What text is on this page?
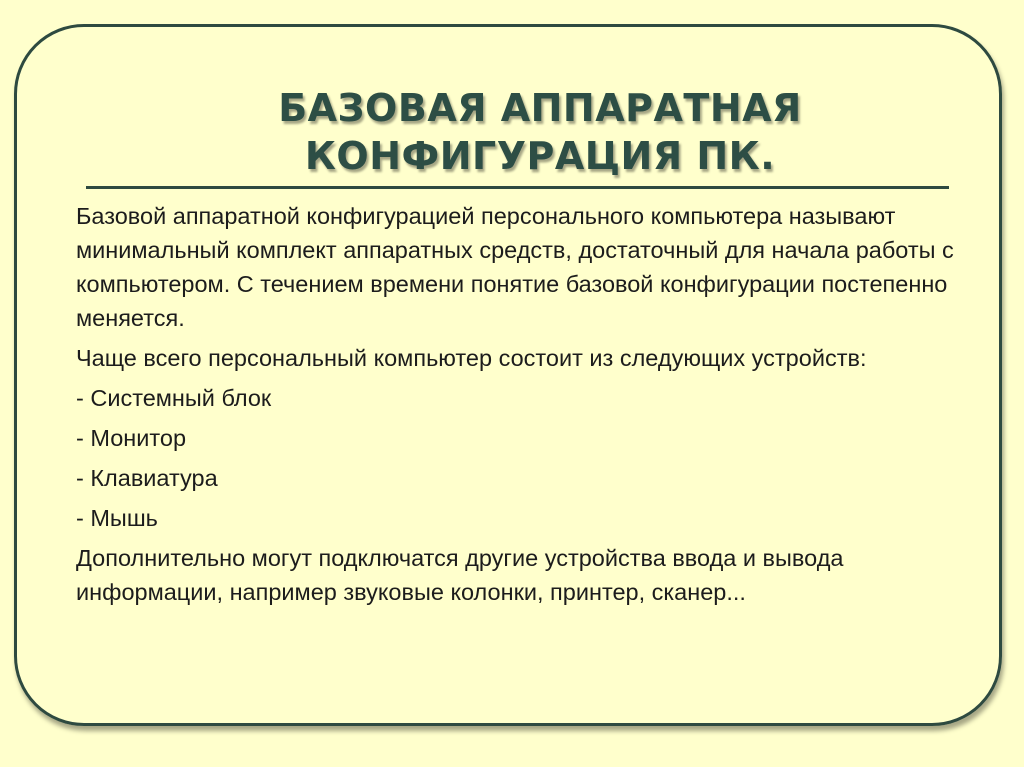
БАЗОВАЯ АППАРАТНАЯ
КОНФИГУРАЦИЯ ПК.

Базовой аппаратной конфигурацией персонального компьютера называют минимальный комплект аппаратных средств, достаточный для начала работы с компьютером. С течением времени понятие базовой конфигурации постепенно меняется.

Чаще всего персональный компьютер состоит из следующих устройств:

- Системный блок

- Монитор

- Клавиатура

- Мышь

Дополнительно могут подключатся другие устройства ввода и вывода информации, например звуковые колонки, принтер, сканер...
